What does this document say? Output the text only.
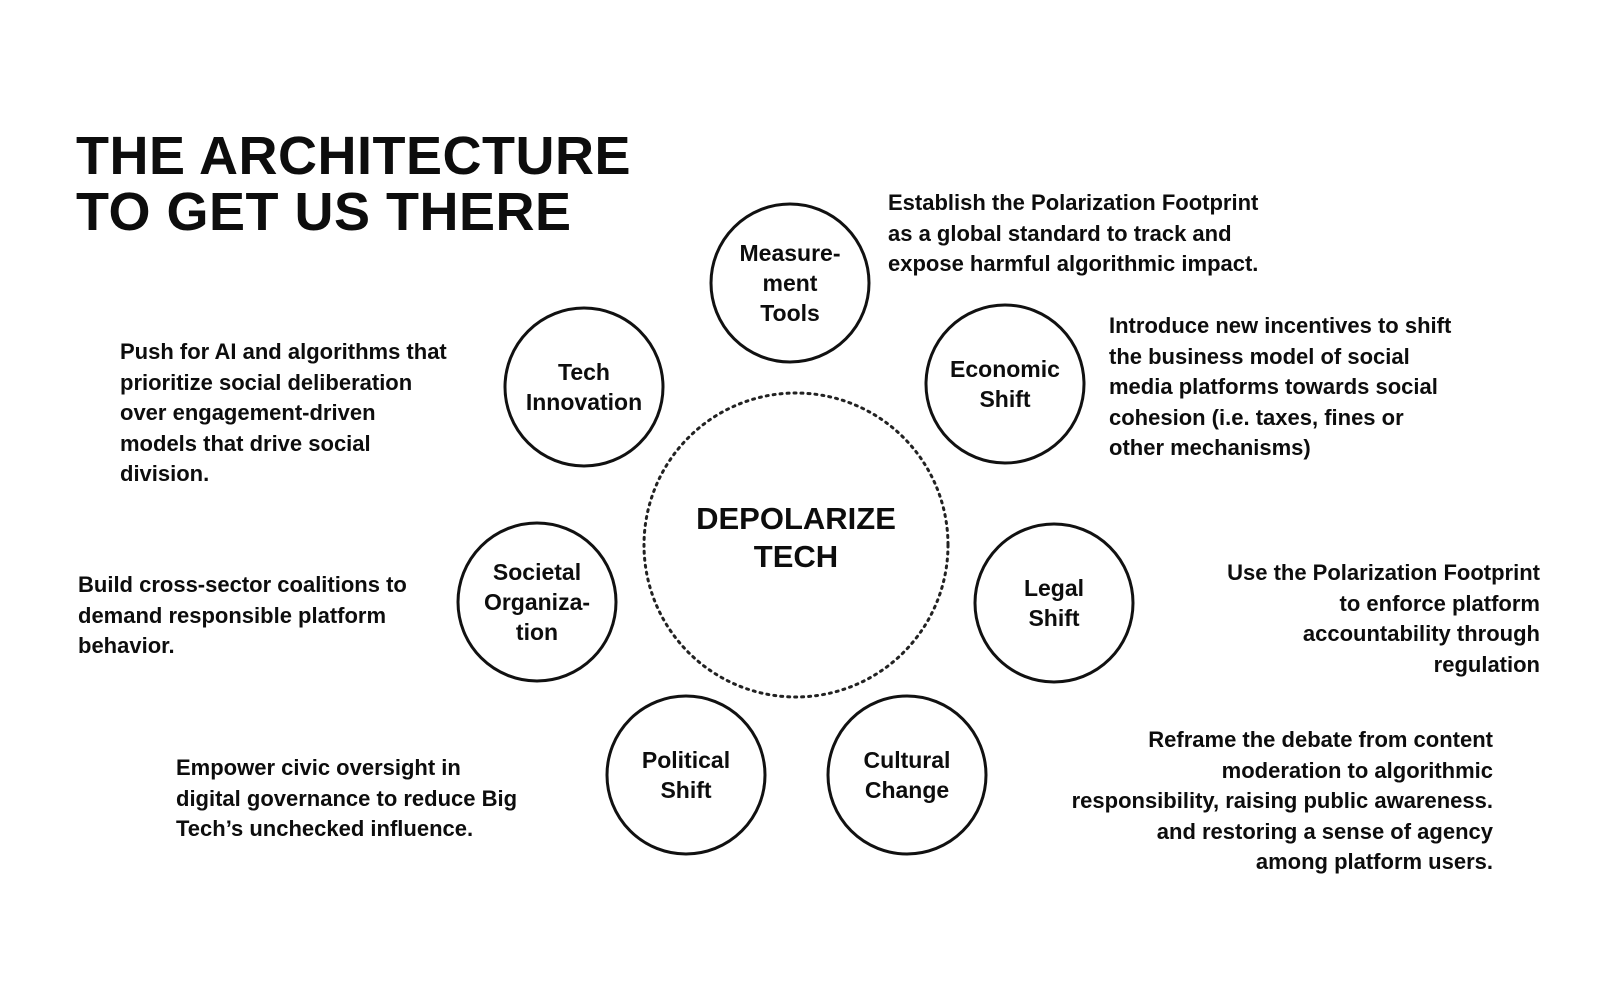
THE ARCHITECTURE
TO GET US THERE
DEPOLARIZE
TECH
Measure-
ment
Tools
Economic
Shift
Legal
Shift
Cultural
Change
Political
Shift
Societal
Organiza-
tion
Tech
Innovation

Establish the Polarization Footprint
as a global standard to track and
expose harmful algorithmic impact.

Introduce new incentives to shift
the business model of social
media platforms towards social
cohesion (i.e. taxes, fines or
other mechanisms)

Use the Polarization Footprint
to enforce platform
accountability through
regulation

Reframe the debate from content
moderation to algorithmic
responsibility, raising public awareness.
and restoring a sense of agency
among platform users.

Empower civic oversight in
digital governance to reduce Big
Tech’s unchecked influence.

Build cross-sector coalitions to
demand responsible platform
behavior.

Push for AI and algorithms that
prioritize social deliberation
over engagement-driven
models that drive social
division.
